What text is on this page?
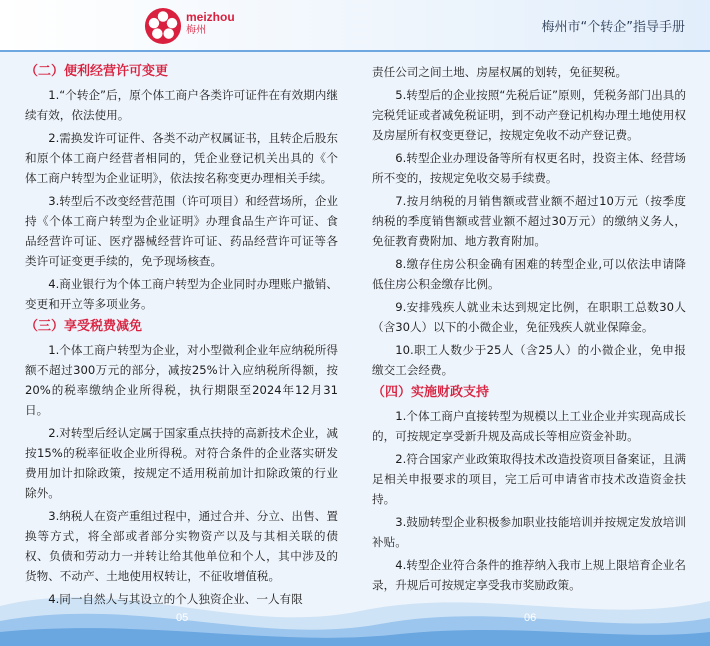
meizhou
梅州	梅州市“个转企”指导手册

（二）便利经营许可变更

1.“个转企”后，原个体工商户各类许可证件在有效期内继续有效，依法使用。

2.需换发许可证件、各类不动产权属证书，且转企后股东和原个体工商户经营者相同的，凭企业登记机关出具的《个体工商户转型为企业证明》，依法按名称变更办理相关手续。

3.转型后不改变经营范围（许可项目）和经营场所，企业持《个体工商户转型为企业证明》办理食品生产许可证、食品经营许可证、医疗器械经营许可证、药品经营许可证等各类许可证变更手续的，免予现场核查。

4.商业银行为个体工商户转型为企业同时办理账户撤销、变更和开立等多项业务。

（三）享受税费减免

1.个体工商户转型为企业，对小型微利企业年应纳税所得额不超过300万元的部分，减按25%计入应纳税所得额，按20%的税率缴纳企业所得税，执行期限至2024年12月31日。

2.对转型后经认定属于国家重点扶持的高新技术企业，减按15%的税率征收企业所得税。对符合条件的企业落实研发费用加计扣除政策，按规定不适用税前加计扣除政策的行业除外。

3.纳税人在资产重组过程中，通过合并、分立、出售、置换等方式，将全部或者部分实物资产以及与其相关联的债权、负债和劳动力一并转让给其他单位和个人，其中涉及的货物、不动产、土地使用权转让，不征收增值税。

4.同一自然人与其设立的个人独资企业、一人有限

责任公司之间土地、房屋权属的划转，免征契税。

5.转型后的企业按照“先税后证”原则，凭税务部门出具的完税凭证或者减免税证明，到不动产登记机构办理土地使用权及房屋所有权变更登记，按规定免收不动产登记费。

6.转型企业办理设备等所有权更名时，投资主体、经营场所不变的，按规定免收交易手续费。

7.按月纳税的月销售额或营业额不超过10万元（按季度纳税的季度销售额或营业额不超过30万元）的缴纳义务人，免征教育费附加、地方教育附加。

8.缴存住房公积金确有困难的转型企业,可以依法申请降低住房公积金缴存比例。

9.安排残疾人就业未达到规定比例，在职职工总数30人（含30人）以下的小微企业，免征残疾人就业保障金。

10.职工人数少于25人（含25人）的小微企业，免申报缴交工会经费。

（四）实施财政支持

1.个体工商户直接转型为规模以上工业企业并实现高成长的，可按规定享受新升规及高成长等相应资金补助。

2.符合国家产业政策取得技术改造投资项目备案证，且满足相关申报要求的项目，完工后可申请省市技术改造资金扶持。

3.鼓励转型企业积极参加职业技能培训并按规定发放培训补贴。

4.转型企业符合条件的推荐纳入我市上规上限培育企业名录，升规后可按规定享受我市奖励政策。

05	06
